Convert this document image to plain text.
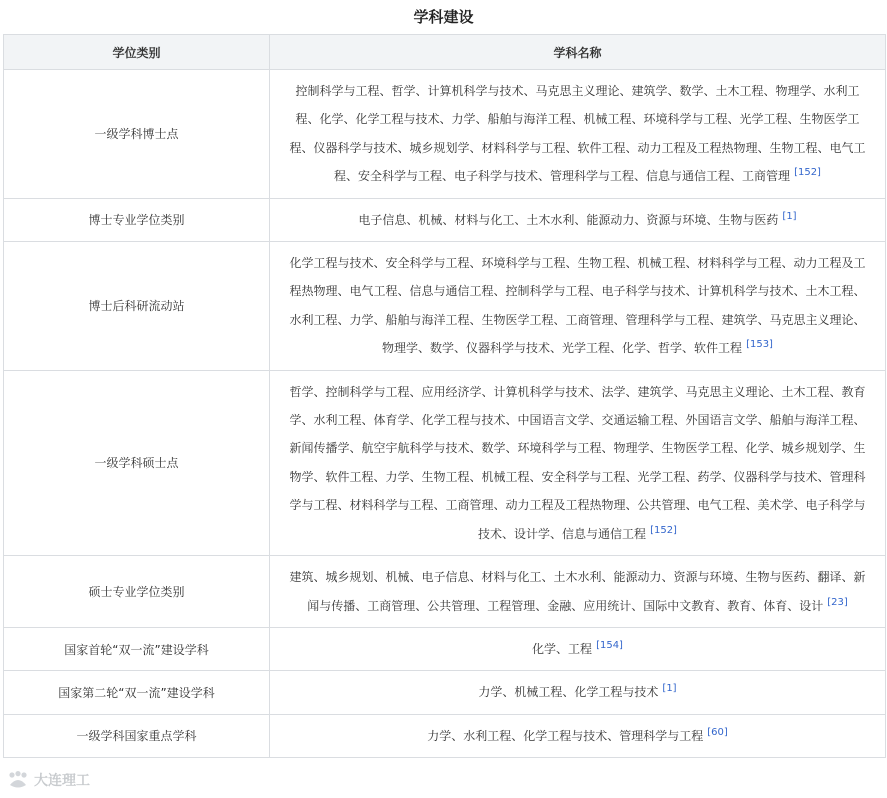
学科建设
学位类别	学科名称
一级学科博士点	控制科学与工程、哲学、计算机科学与技术、马克思主义理论、建筑学、数学、土木工程、物理学、水利工程、化学、化学工程与技术、力学、船舶与海洋工程、机械工程、环境科学与工程、光学工程、生物医学工程、仪器科学与技术、城乡规划学、材料科学与工程、软件工程、动力工程及工程热物理、生物工程、电气工程、安全科学与工程、电子科学与技术、管理科学与工程、信息与通信工程、工商管理 [152]
博士专业学位类别	电子信息、机械、材料与化工、土木水利、能源动力、资源与环境、生物与医药 [1]
博士后科研流动站	化学工程与技术、安全科学与工程、环境科学与工程、生物工程、机械工程、材料科学与工程、动力工程及工程热物理、电气工程、信息与通信工程、控制科学与工程、电子科学与技术、计算机科学与技术、土木工程、水利工程、力学、船舶与海洋工程、生物医学工程、工商管理、管理科学与工程、建筑学、马克思主义理论、物理学、数学、仪器科学与技术、光学工程、化学、哲学、软件工程 [153]
一级学科硕士点	哲学、控制科学与工程、应用经济学、计算机科学与技术、法学、建筑学、马克思主义理论、土木工程、教育学、水利工程、体育学、化学工程与技术、中国语言文学、交通运输工程、外国语言文学、船舶与海洋工程、新闻传播学、航空宇航科学与技术、数学、环境科学与工程、物理学、生物医学工程、化学、城乡规划学、生物学、软件工程、力学、生物工程、机械工程、安全科学与工程、光学工程、药学、仪器科学与技术、管理科学与工程、材料科学与工程、工商管理、动力工程及工程热物理、公共管理、电气工程、美术学、电子科学与技术、设计学、信息与通信工程 [152]
硕士专业学位类别	建筑、城乡规划、机械、电子信息、材料与化工、土木水利、能源动力、资源与环境、生物与医药、翻译、新闻与传播、工商管理、公共管理、工程管理、金融、应用统计、国际中文教育、教育、体育、设计 [23]
国家首轮“双一流”建设学科	化学、工程 [154]
国家第二轮“双一流”建设学科	力学、机械工程、化学工程与技术 [1]
一级学科国家重点学科	力学、水利工程、化学工程与技术、管理科学与工程 [60]
大连理工
